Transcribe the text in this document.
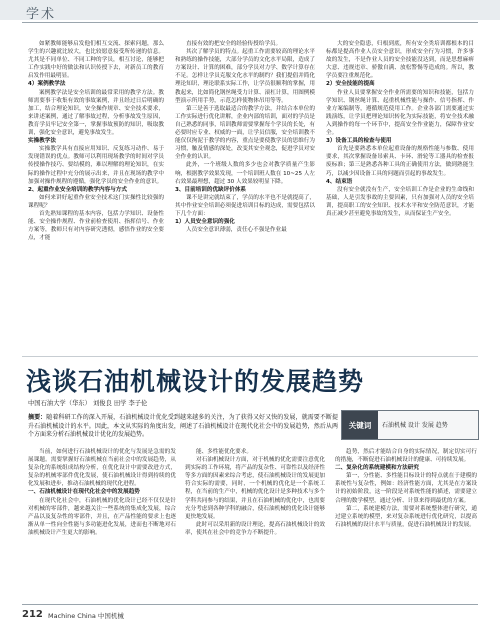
学术

如紧教师能够启发他们相互交流、探索问题，那么学生的兴趣就比较大，也比较愿意接受所传递的信息。尤其是不同单位、不同工种的学员，相互讨论，能够把工作实践中好的做法和认识传授下去，对新员工的教育启发作用最明显。

4）案例教学法

案例教学法是安全培训的最常采用的教学方法。教师需要事于收集有效的事故案例，并且经过日后明确的加工，结合理论知识，安全操作规章、安全技术要求，来讲述案例，通过了解事故过程，分析事故发生原因，教育学员牢记安全第一，掌握事故预防的知识，吸取教训，强化安全意识，避免事故发生。

实操教学法

实操教学具有直接应用知识、反复练习动作、易于发现错误的优点。教师可以利用现场教学的时间对学员传授操作技巧、要结模的，难以理解的理论知识，在实际的操作过程中充分的展示出来，并且在现场的教学中加强对操作规程的遵循，强化学员的安全作业的意识。

2、起重作业安全培训的教学内容与方式

如何来讲好起重作业安全技术这门实操性比较强的课程呢？

首先熟知课程的基本内容，包括力学知识、设备性能、安全操作规程、作业前检查使用、指挥信号、作业方案等，教师只有对内容研究透彻，感悟作业的安全要点，才能

直接有效的把安全的经验传授给学员。

其次了解学员的特点。起重工作需要较高的理论水平和熟练的操作技能，大部分学员的文化水平局限，造成了方案设计、计算的困难，部分学员对力学、数学计算存在不足。怎样让学员克服文化水平的制约？我们提倡并简化理论知识，理论联系实际工作，让学员很顺利的掌握，用教起来，比如简化钢丝绳受力计算、滚杠计算，用图例模型演示所用手势，示范怎样使物体吊用等等。

第三是善于选取最适合的教学方法，并结合本单位的工作实际进行优化讲解，企业内部的培训，面对的学员是自己熟悉的同事，培训教师需要掌握每个学员的长处，有必要时应专业、权威的一面，让学员信服，安全培训教不能仅仅拘泥于教学的内容，重点是要使教学员的思维行为习惯，触及情感的深处，改变其安全观念，促进学员对安全作业的认识。

此外，一个班级人数的多少也会对教学质量产生影响，根据教学效果发现，一个培训班人数在 10~25 人左右效果最理想，超过 30 人效果较明显下降。

3、目前培训的优缺评价体系

课不是讲完就结束了，学员的水平也不是就提高了，其中作业安全培训必须促进培训目标的达成，需要包括以下几个方面：

1）人员安全意识的强化

人员安全意识薄弱，责任心不强是作业最

大的安全隐患，归根到底，所有安全类培训都根本的目标都是提高作业人员安全意识，形成安全行为习惯，许多事故的发生，不是作业人员的安全技能没达到，而是思想麻痹大意、违规违章、骄傲自满、放松警惕等造成的。所以，教学员要注重规范化。

2）安全技能的提高

作业人员要掌握安全作业所需要的知识和技能，包括力学知识、钢丝绳计算、起重机械性能与操作、信号指挥、作业方案编制等，遵循规范使用工作。企业各部门需要通过实践演练，让学员把理论知识转化为实际技能，将安全技术融入到操作的每一个环节中，提高安全作业能力，保障作业安全。

3）设备工具的检查与使用

首先是要熟悉本单位起重设备的规格性能与参数、使用要求，其次掌握设备吊索具、卡环、滑轮等工器具的检查报废标准；第三是熟悉各种工具的正确使用方法，做到熟能生巧，以减少因设备工具的问题而引起的事故发生。

4、结束语

没有安全就没有生产，安全培训工作是企业的生命线和基础，人是引发事故的主要因素，只有加强对人员的安全培训，提高职工的安全知识、技术水平和安全防范意识，才能真正减少甚至避免事故的发生，从而保证生产安全。

浅谈石油机械设计的发展趋势
中国石油大学（华东） 刘俊良 田学 李子伦
摘要：随着科研工作的深入开展，石油机械设计优化受到越来越多的关注，为了获得又好又快的发展，就需要不断提升石油机械设计的水平。因此，本文从实际的角度出发，阐述了石油机械设计在现代化社会中的发展趋势，然后从两个方面来分析石油机械设计优化的发展趋势。
关键词	石油机械 设计 发展 趋势

当前，如何进行石油机械设计的优化与发展是急需的发展课题。需要掌握好石油机械在当前社会中的发展趋势，从复杂化的系统组成结构分析，在优化设计中需要改进方式，复杂的机械零部件优化发展，使石油机械设计得到持续的优化发展和进步，推动石油机械的现代化进程。

一、石油机械设计在现代化社会中的发展趋势

在现代化社会中，石油机械的优化设计已经不仅仅是针对机械的零部件，越来越关注一些系统的集成化发展，综合产品以及复杂性的零部件，并且，在产品性能的要求上也逐渐从单一性向全性能与多功能进化发展，进而也不断地对石油机械设计产生更大的影响。

能、多性能优化要求。

对石油机械设计方面，对于机械的优化需要注意优化到实际的工作环境，将产品的复杂性、可靠性以及经济性等多方面的因素来综合考虑，使石油机械设计的发展更加符合实际的需要，同时，一个机械的优化是一个系统工程，在当前的生产中，机械的优化设计是多种技术与多个学科共同参与的结果，并且在石油机械的优化中，也需要充分考虑到各种学科的融合，使石油机械的优化设计能够更快地发展。

此时可以采用新的设计理论，提高石油机械设计的效率，使其在社会中的竞争力不断提升。

趋势，然后才能结合自身的实际情况，制定切实可行的措施，不断促进石油机械设计的健康、可持续发展。

二、复杂化的系统建模和方法研究

第一，分性能、多性能目标设计的特点就在于建模的系统性与复杂性，例如：经济性能方面，尤其是在方案设计的初始阶段，这一阶段是对系统性能的描述，需要建立合理的数学模型，通过分析、计算来得到最优的方案。

第二，系统建模方法，需要对系统整体进行研究，通过建立系统的模型，来对复杂系统进行优化研究，以提高石油机械的设计水平与质量，促进石油机械设计的发展。

212 Machine China 中国机械
